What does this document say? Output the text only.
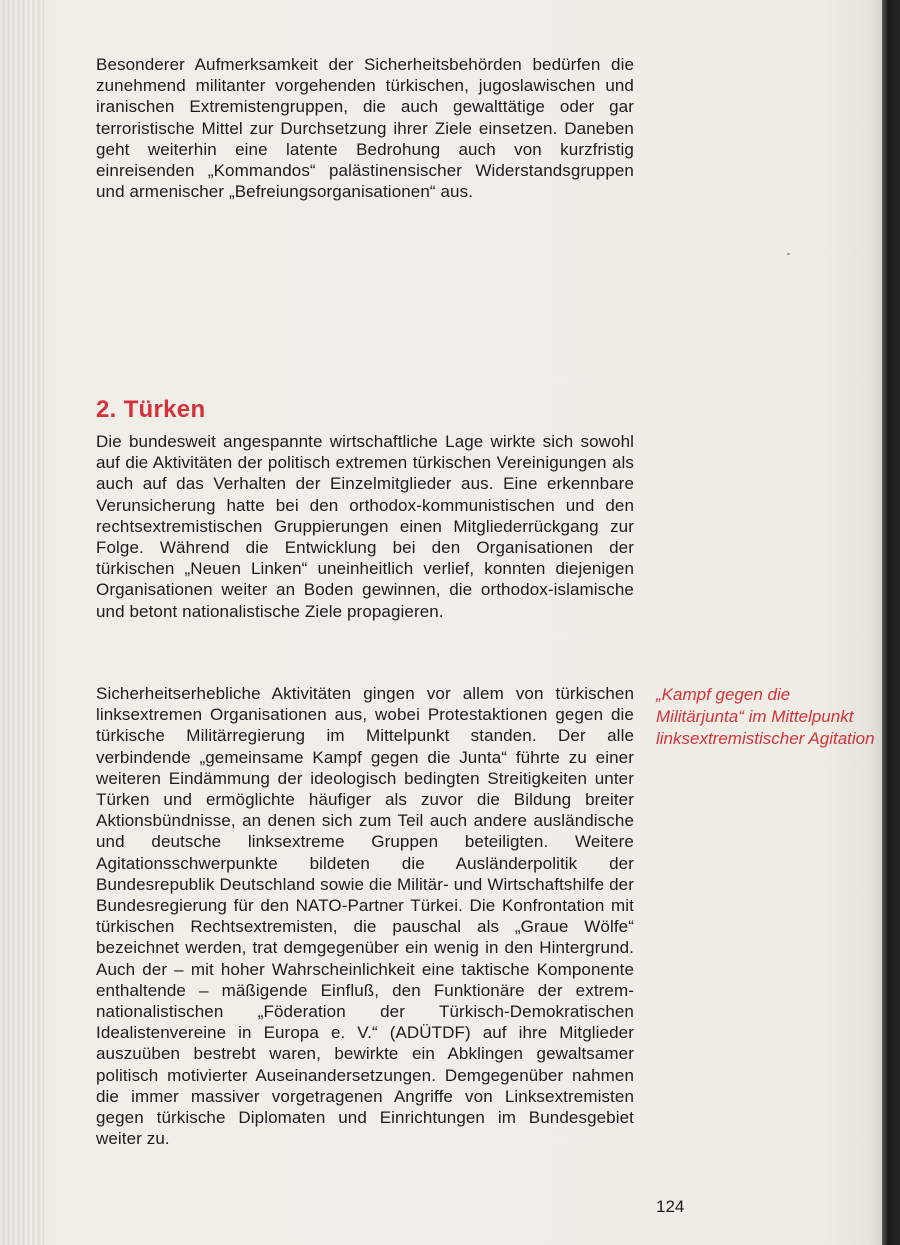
Besonderer Aufmerksamkeit der Sicherheitsbehörden bedürfen die zunehmend militanter vorgehenden türkischen, jugoslawischen und iranischen Extremistengruppen, die auch gewalttätige oder gar terroristische Mittel zur Durchsetzung ihrer Ziele einsetzen. Daneben geht weiterhin eine latente Bedrohung auch von kurzfristig einreisenden „Kommandos“ palästinensischer Widerstandsgruppen und armenischer „Befreiungsorganisationen“ aus.

2. Türken

Die bundesweit angespannte wirtschaftliche Lage wirkte sich sowohl auf die Aktivitäten der politisch extremen türkischen Vereinigungen als auch auf das Verhalten der Einzelmitglieder aus. Eine erkennbare Verunsicherung hatte bei den orthodox-kommunistischen und den rechtsextremistischen Gruppierungen einen Mitgliederrückgang zur Folge. Während die Entwicklung bei den Organisationen der türkischen „Neuen Linken“ uneinheitlich verlief, konnten diejenigen Organisationen weiter an Boden gewinnen, die orthodox-islamische und betont nationalistische Ziele propagieren.

Sicherheitserhebliche Aktivitäten gingen vor allem von türkischen linksextremen Organisationen aus, wobei Protestaktionen gegen die türkische Militärregierung im Mittelpunkt standen. Der alle verbindende „gemeinsame Kampf gegen die Junta“ führte zu einer weiteren Eindämmung der ideologisch bedingten Streitigkeiten unter Türken und ermöglichte häufiger als zuvor die Bildung breiter Aktionsbündnisse, an denen sich zum Teil auch andere ausländische und deutsche linksextreme Gruppen beteiligten. Weitere Agitationsschwerpunkte bildeten die Ausländerpolitik der Bundesrepublik Deutschland sowie die Militär- und Wirtschaftshilfe der Bundesregierung für den NATO-Partner Türkei. Die Konfrontation mit türkischen Rechtsextremisten, die pauschal als „Graue Wölfe“ bezeichnet werden, trat demgegenüber ein wenig in den Hintergrund. Auch der – mit hoher Wahrscheinlichkeit eine taktische Komponente enthaltende – mäßigende Einfluß, den Funktionäre der extrem-nationalistischen „Föderation der Türkisch-Demokratischen Idealistenvereine in Europa e. V.“ (ADÜTDF) auf ihre Mitglieder auszuüben bestrebt waren, bewirkte ein Abklingen gewaltsamer politisch motivierter Auseinandersetzungen. Demgegenüber nahmen die immer massiver vorgetragenen Angriffe von Linksextremisten gegen türkische Diplomaten und Einrichtungen im Bundesgebiet weiter zu.

„Kampf gegen die Militärjunta“ im Mittelpunkt linksextremistischer Agitation
124
